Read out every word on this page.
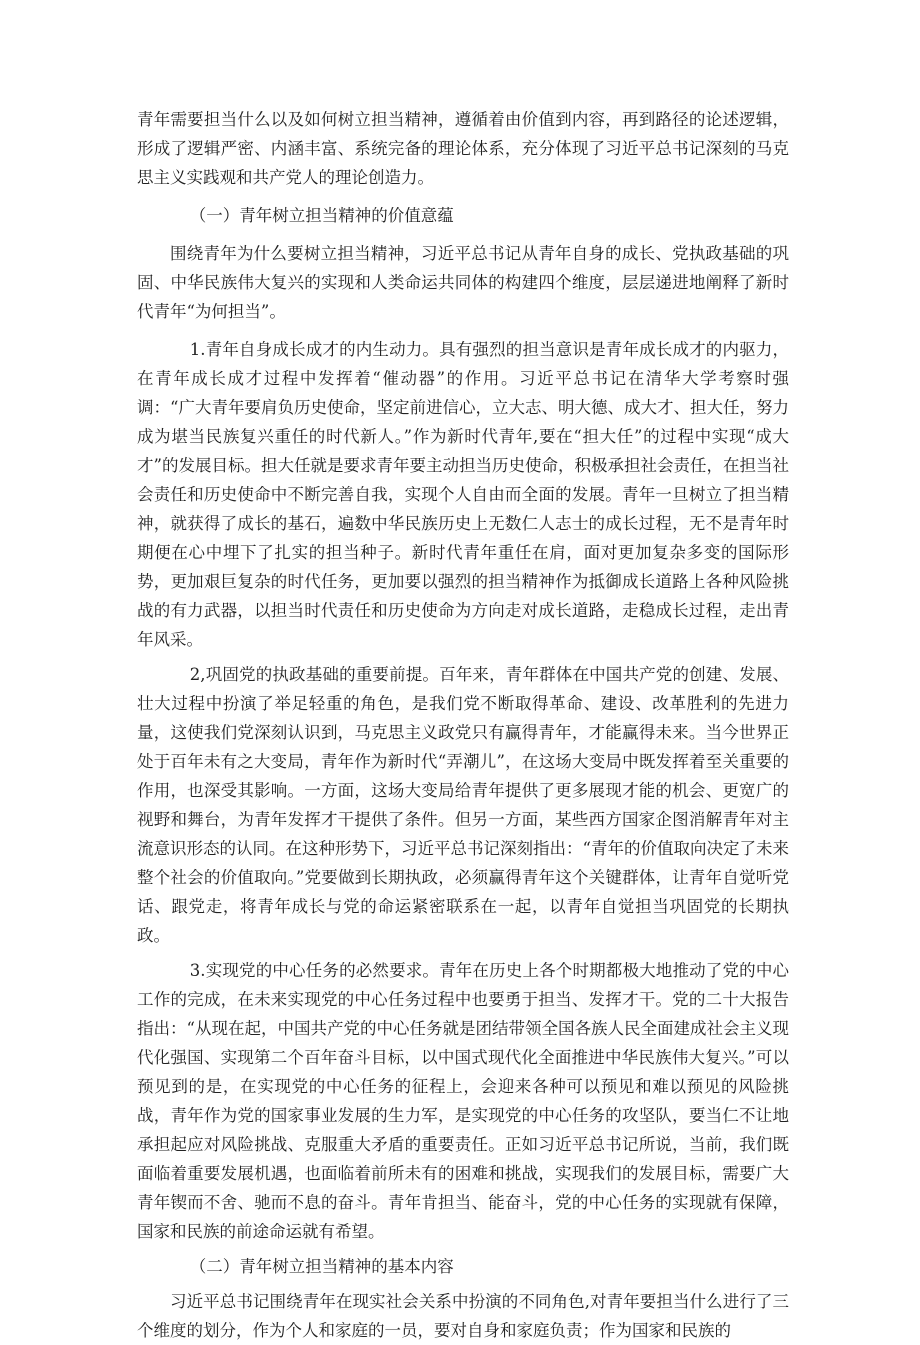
青年需要担当什么以及如何树立担当精神，遵循着由价值到内容，再到路径的论述逻辑，形成了逻辑严密、内涵丰富、系统完备的理论体系，充分体现了习近平总书记深刻的马克思主义实践观和共产党人的理论创造力。

（一）青年树立担当精神的价值意蕴

围绕青年为什么要树立担当精神，习近平总书记从青年自身的成长、党执政基础的巩固、中华民族伟大复兴的实现和人类命运共同体的构建四个维度，层层递进地阐释了新时代青年“为何担当”。

1.青年自身成长成才的内生动力。具有强烈的担当意识是青年成长成才的内驱力，在青年成长成才过程中发挥着“催动器”的作用。习近平总书记在清华大学考察时强调：“广大青年要肩负历史使命，坚定前进信心，立大志、明大德、成大才、担大任，努力成为堪当民族复兴重任的时代新人。”作为新时代青年,要在“担大任”的过程中实现“成大才”的发展目标。担大任就是要求青年要主动担当历史使命，积极承担社会责任，在担当社会责任和历史使命中不断完善自我，实现个人自由而全面的发展。青年一旦树立了担当精神，就获得了成长的基石，遍数中华民族历史上无数仁人志士的成长过程，无不是青年时期便在心中埋下了扎实的担当种子。新时代青年重任在肩，面对更加复杂多变的国际形势，更加艰巨复杂的时代任务，更加要以强烈的担当精神作为抵御成长道路上各种风险挑战的有力武器，以担当时代责任和历史使命为方向走对成长道路，走稳成长过程，走出青年风采。

2,巩固党的执政基础的重要前提。百年来，青年群体在中国共产党的创建、发展、壮大过程中扮演了举足轻重的角色，是我们党不断取得革命、建设、改革胜利的先进力量，这使我们党深刻认识到，马克思主义政党只有赢得青年，才能赢得未来。当今世界正处于百年未有之大变局，青年作为新时代“弄潮儿”，在这场大变局中既发挥着至关重要的作用，也深受其影响。一方面，这场大变局给青年提供了更多展现才能的机会、更宽广的视野和舞台，为青年发挥才干提供了条件。但另一方面，某些西方国家企图消解青年对主流意识形态的认同。在这种形势下，习近平总书记深刻指出：“青年的价值取向决定了未来整个社会的价值取向。”党要做到长期执政，必须赢得青年这个关键群体，让青年自觉听党话、跟党走，将青年成长与党的命运紧密联系在一起，以青年自觉担当巩固党的长期执政。

3.实现党的中心任务的必然要求。青年在历史上各个时期都极大地推动了党的中心工作的完成，在未来实现党的中心任务过程中也要勇于担当、发挥才干。党的二十大报告指出：“从现在起，中国共产党的中心任务就是团结带领全国各族人民全面建成社会主义现代化强国、实现第二个百年奋斗目标，以中国式现代化全面推进中华民族伟大复兴。”可以预见到的是，在实现党的中心任务的征程上，会迎来各种可以预见和难以预见的风险挑战，青年作为党的国家事业发展的生力军，是实现党的中心任务的攻坚队，要当仁不让地承担起应对风险挑战、克服重大矛盾的重要责任。正如习近平总书记所说，当前，我们既面临着重要发展机遇，也面临着前所未有的困难和挑战，实现我们的发展目标，需要广大青年锲而不舍、驰而不息的奋斗。青年肯担当、能奋斗，党的中心任务的实现就有保障，国家和民族的前途命运就有希望。

（二）青年树立担当精神的基本内容

习近平总书记围绕青年在现实社会关系中扮演的不同角色,对青年要担当什么进行了三个维度的划分，作为个人和家庭的一员，要对自身和家庭负责；作为国家和民族的
